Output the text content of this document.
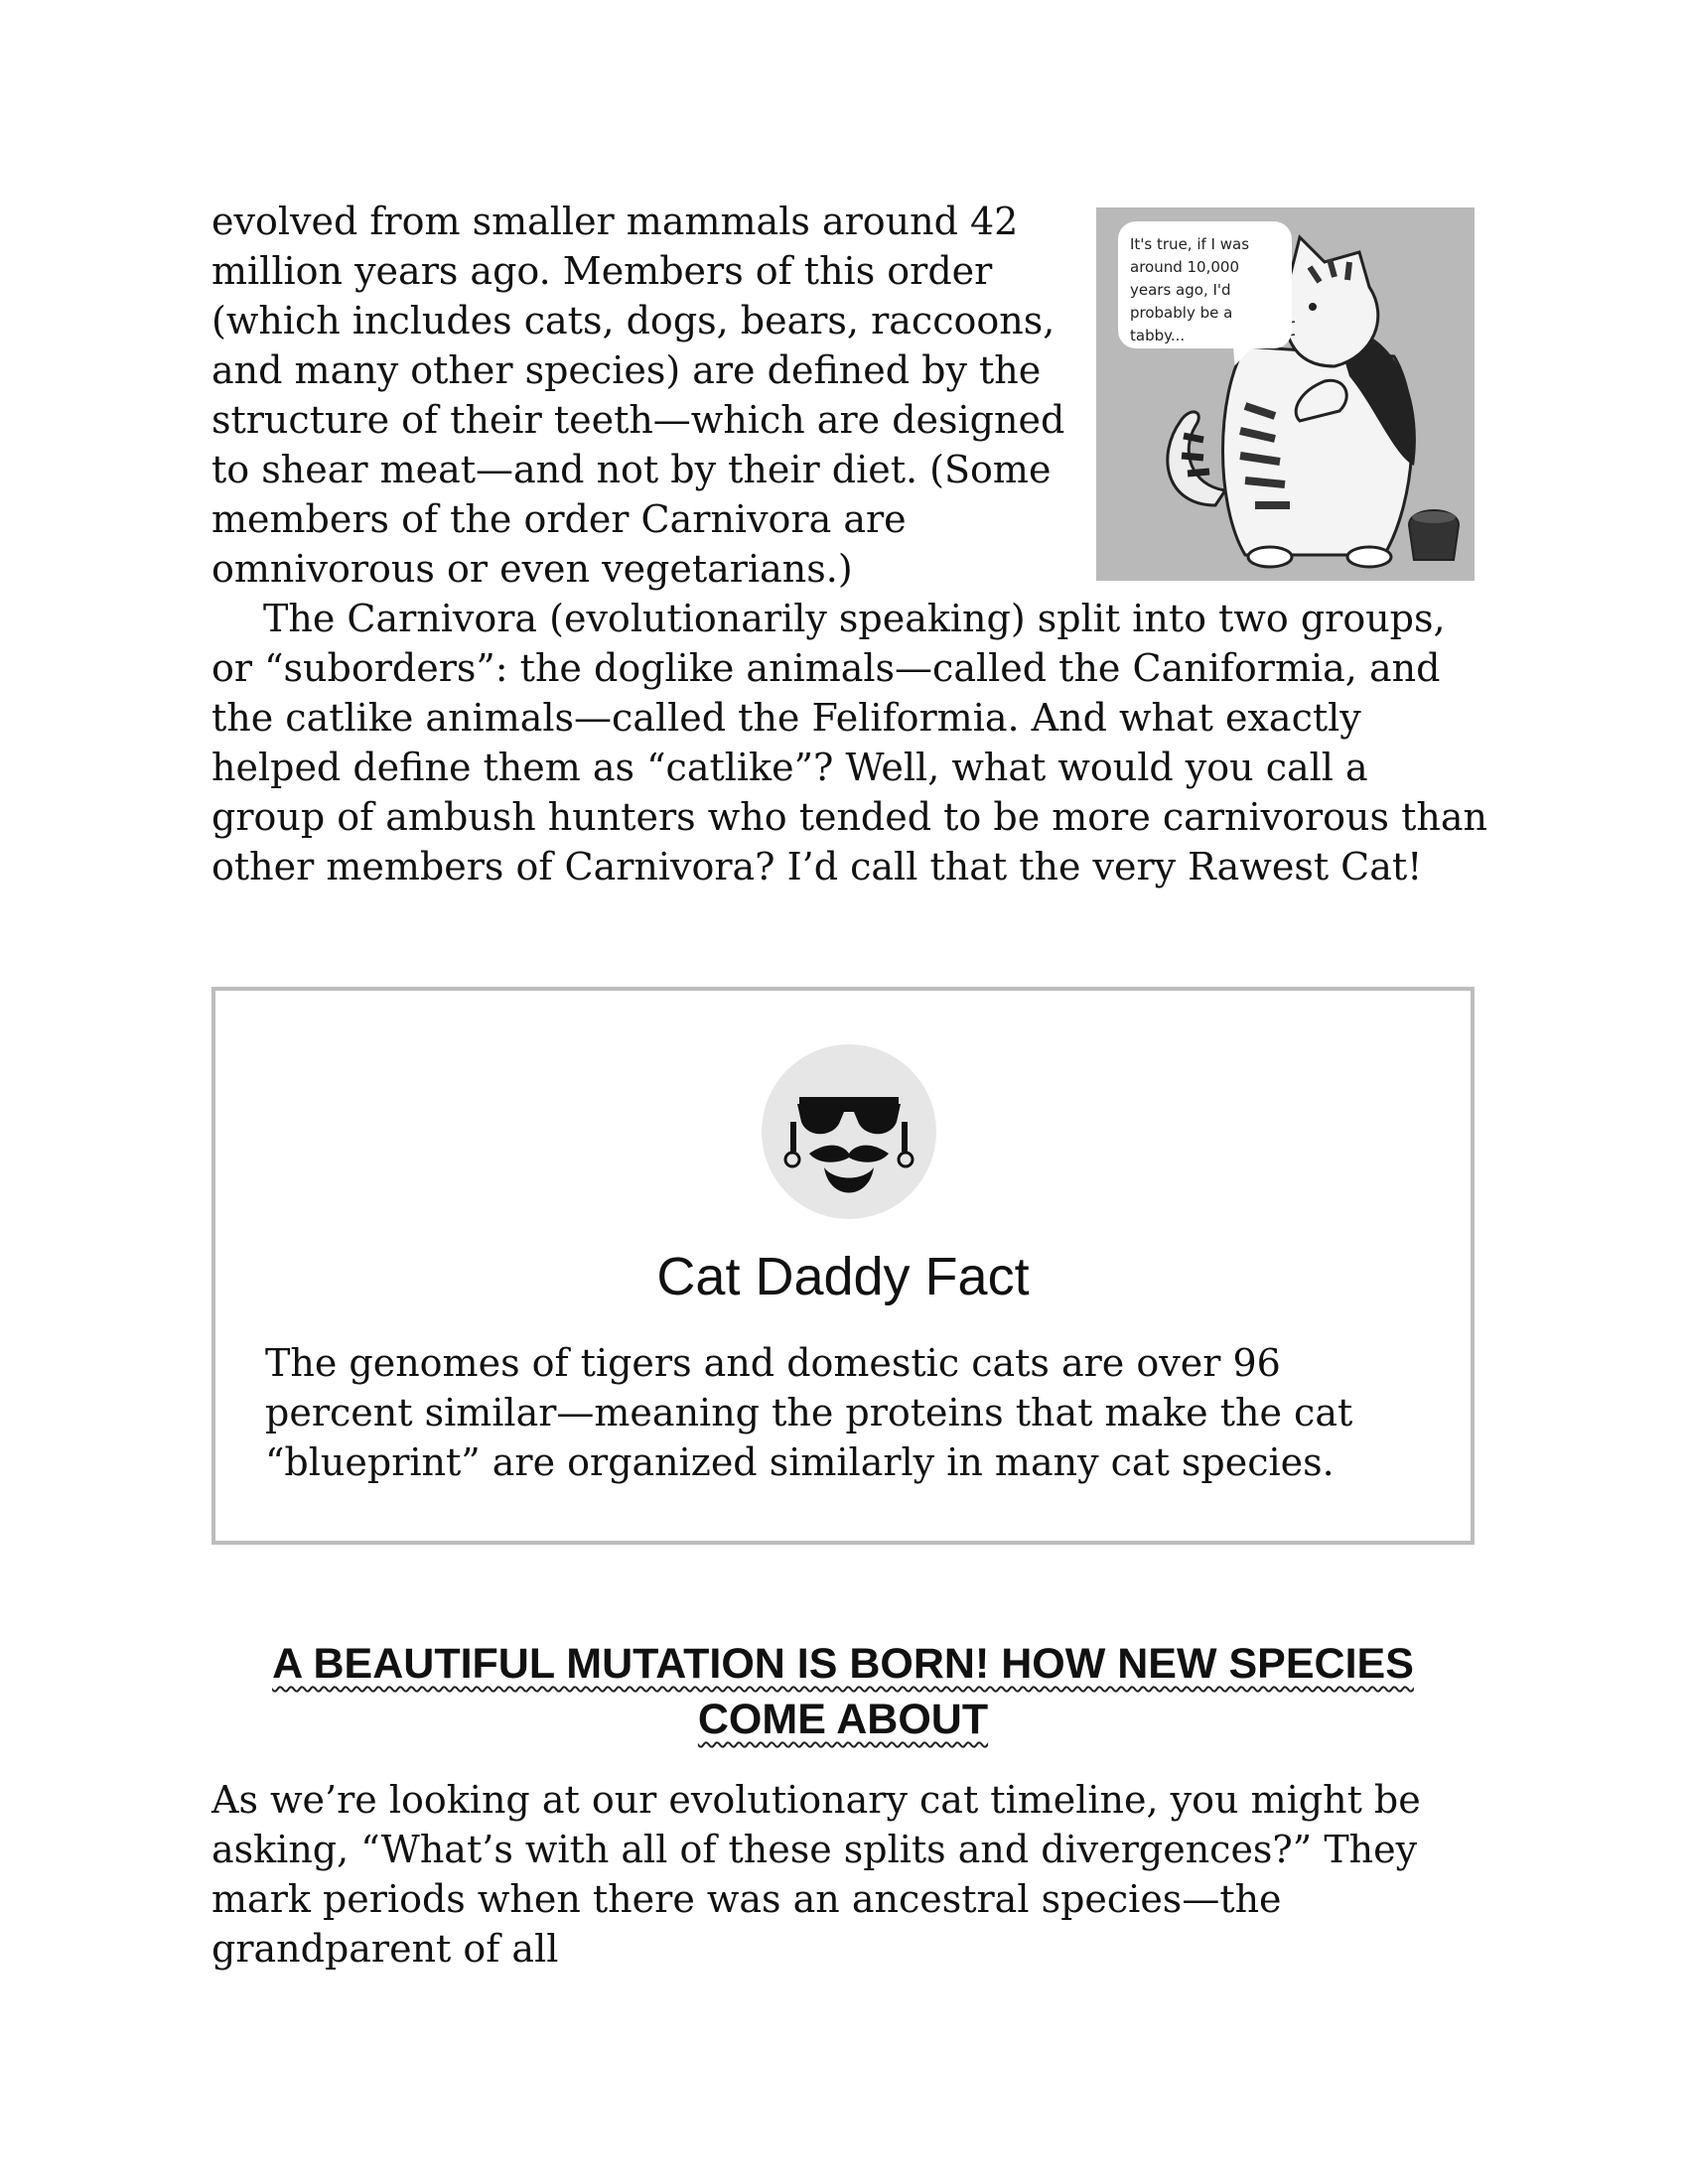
evolved from smaller mammals around 42 million years ago. Members of this order (which includes cats, dogs, bears, raccoons, and many other species) are defined by the structure of their teeth—which are designed to shear meat—and not by their diet. (Some members of the order Carnivora are omnivorous or even vegetarians.)

It's true, if I was around 10,000 years ago, I'd probably be a tabby...

The Carnivora (evolutionarily speaking) split into two groups, or “suborders”: the doglike animals—called the Caniformia, and the catlike animals—called the Feliformia. And what exactly helped define them as “catlike”? Well, what would you call a group of ambush hunters who tended to be more carnivorous than other members of Carnivora? I’d call that the very Rawest Cat!

Cat Daddy Fact
The genomes of tigers and domestic cats are over 96 percent similar—meaning the proteins that make the cat “blueprint” are organized similarly in many cat species.
A BEAUTIFUL MUTATION IS BORN! HOW NEW SPECIES COME ABOUT

As we’re looking at our evolutionary cat timeline, you might be asking, “What’s with all of these splits and divergences?” They mark periods when there was an ancestral species—the grandparent of all
